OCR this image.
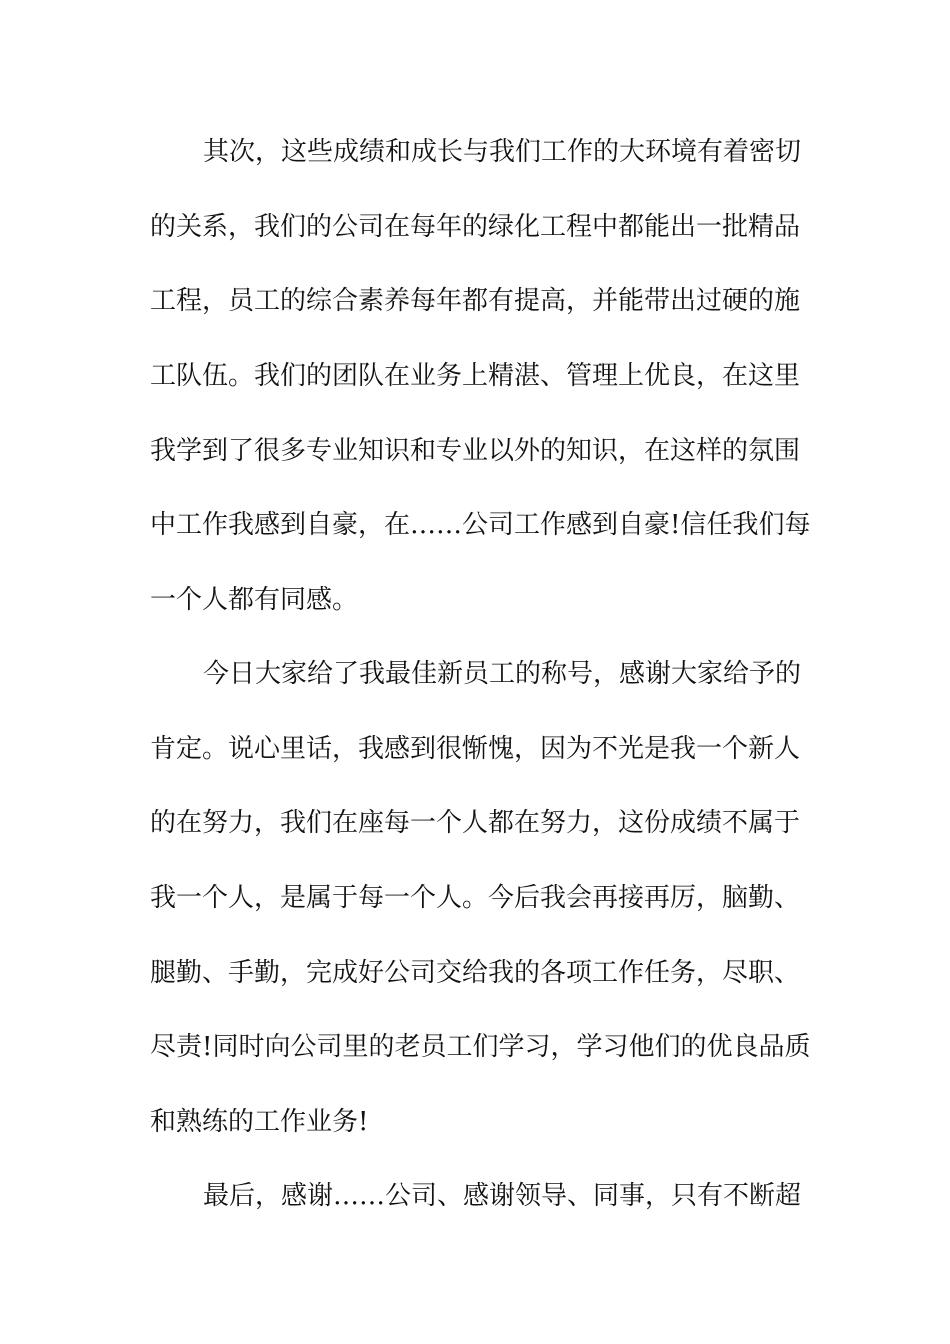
其次，这些成绩和成长与我们工作的大环境有着密切
的关系，我们的公司在每年的绿化工程中都能出一批精品
工程，员工的综合素养每年都有提高，并能带出过硬的施
工队伍。我们的团队在业务上精湛、管理上优良，在这里
我学到了很多专业知识和专业以外的知识，在这样的氛围
中工作我感到自豪，在……公司工作感到自豪!信任我们每
一个人都有同感。
今日大家给了我最佳新员工的称号，感谢大家给予的
肯定。说心里话，我感到很惭愧，因为不光是我一个新人
的在努力，我们在座每一个人都在努力，这份成绩不属于
我一个人，是属于每一个人。今后我会再接再厉，脑勤、
腿勤、手勤，完成好公司交给我的各项工作任务，尽职、
尽责!同时向公司里的老员工们学习，学习他们的优良品质
和熟练的工作业务!
最后，感谢……公司、感谢领导、同事，只有不断超
